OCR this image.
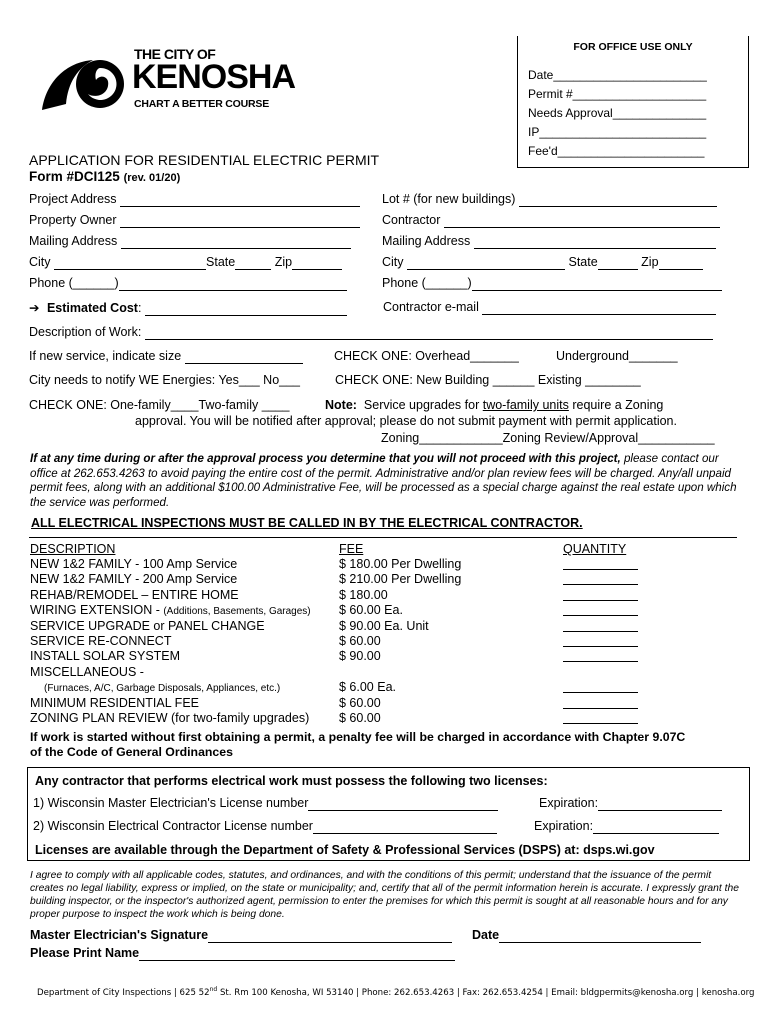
THE CITY OF
KENOSHA
CHART A BETTER COURSE
FOR OFFICE USE ONLY
Date_______________________
Permit #____________________
Needs Approval______________
IP_________________________
Fee'd______________________
APPLICATION FOR RESIDENTIAL ELECTRIC PERMIT
Form #DCI125 (rev. 01/20)
Project Address	Lot # (for new buildings)
Property Owner	Contractor
Mailing Address	Mailing Address
City	State	Zip	City	State	Zip
Phone (______)	Phone (______)
➔ Estimated Cost:	Contractor e-mail
Description of Work:
If new service, indicate size	CHECK ONE: Overhead_______	Underground_______
City needs to notify WE Energies: Yes___ No___	CHECK ONE: New Building ______ Existing ________
CHECK ONE: One-family____Two-family ____	Note: Service upgrades for two-family units require a Zoning
approval. You will be notified after approval; please do not submit payment with permit application.
Zoning____________Zoning Review/Approval___________
If at any time during or after the approval process you determine that you will not proceed with this project, please contact our office at 262.653.4263 to avoid paying the entire cost of the permit. Administrative and/or plan review fees will be charged. Any/all unpaid permit fees, along with an additional $100.00 Administrative Fee, will be processed as a special charge against the real estate upon which the service was performed.
ALL ELECTRICAL INSPECTIONS MUST BE CALLED IN BY THE ELECTRICAL CONTRACTOR.
DESCRIPTION	FEE	QUANTITY
NEW 1&2 FAMILY - 100 Amp Service	$ 180.00 Per Dwelling
NEW 1&2 FAMILY - 200 Amp Service	$ 210.00 Per Dwelling
REHAB/REMODEL – ENTIRE HOME	$ 180.00
WIRING EXTENSION - (Additions, Basements, Garages) $ 60.00 Ea.
SERVICE UPGRADE or PANEL CHANGE	$ 90.00 Ea. Unit
SERVICE RE-CONNECT	$ 60.00
INSTALL SOLAR SYSTEM	$ 90.00
MISCELLANEOUS -
(Furnaces, A/C, Garbage Disposals, Appliances, etc.)	$ 6.00 Ea.
MINIMUM RESIDENTIAL FEE	$ 60.00
ZONING PLAN REVIEW (for two-family upgrades) $ 60.00
If work is started without first obtaining a permit, a penalty fee will be charged in accordance with Chapter 9.07C
of the Code of General Ordinances
Any contractor that performs electrical work must possess the following two licenses:
1) Wisconsin Master Electrician's License number	Expiration:
2) Wisconsin Electrical Contractor License number	Expiration:
Licenses are available through the Department of Safety & Professional Services (DSPS) at: dsps.wi.gov
I agree to comply with all applicable codes, statutes, and ordinances, and with the conditions of this permit; understand that the issuance of the permit creates no legal liability, express or implied, on the state or municipality; and, certify that all of the permit information herein is accurate. I expressly grant the building inspector, or the inspector's authorized agent, permission to enter the premises for which this permit is sought at all reasonable hours and for any proper purpose to inspect the work which is being done.
Master Electrician's Signature	Date
Please Print Name
Department of City Inspections | 625 52nd St. Rm 100 Kenosha, WI 53140 | Phone: 262.653.4263 | Fax: 262.653.4254 | Email: bldgpermits@kenosha.org | kenosha.org
